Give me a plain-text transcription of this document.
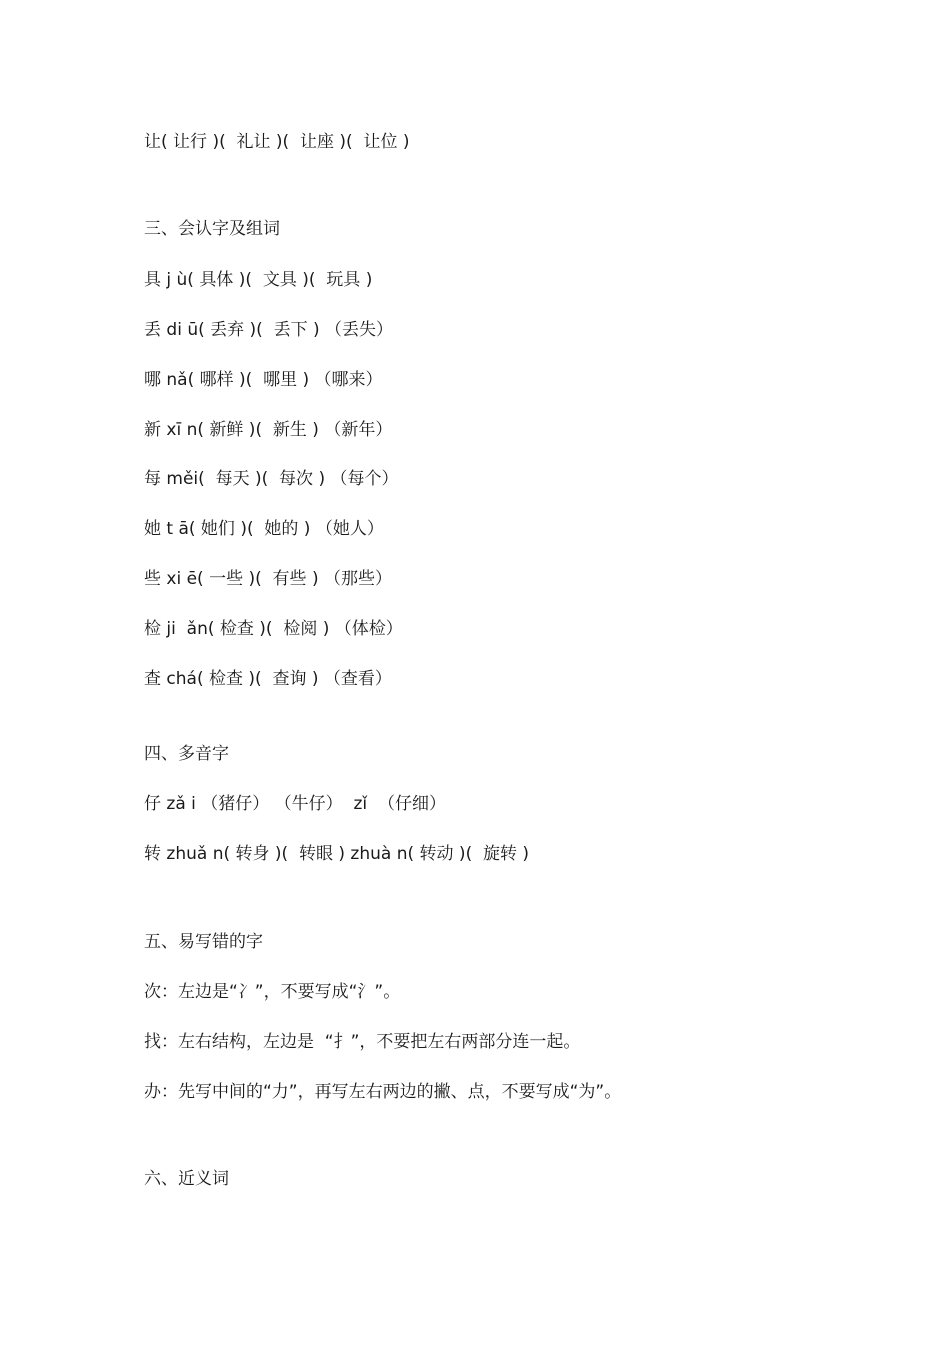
让( 让行 )(  礼让 )(  让座 )(  让位 )
三、会认字及组词
具 j ù( 具体 )(  文具 )(  玩具 )
丢 di ū( 丢弃 )(  丢下 ) （丢失）
哪 nǎ( 哪样 )(  哪里 ) （哪来）
新 xī n( 新鲜 )(  新生 ) （新年）
每 měi(  每天 )(  每次 ) （每个）
她 t ā( 她们 )(  她的 ) （她人）
些 xi ē( 一些 )(  有些 ) （那些）
检 ji  ǎn( 检查 )(  检阅 ) （体检）
查 chá( 检查 )(  查询 ) （查看）
四、多音字
仔 zǎ i （猪仔） （牛仔）  zǐ  （仔细）
转 zhuǎ n( 转身 )(  转眼 ) zhuà n( 转动 )(  旋转 )
五、易写错的字
次：左边是“冫”，不要写成“氵”。
找：左右结构，左边是  “扌”，不要把左右两部分连一起。
办：先写中间的“力”，再写左右两边的撇、点，不要写成“为”。
六、近义词
